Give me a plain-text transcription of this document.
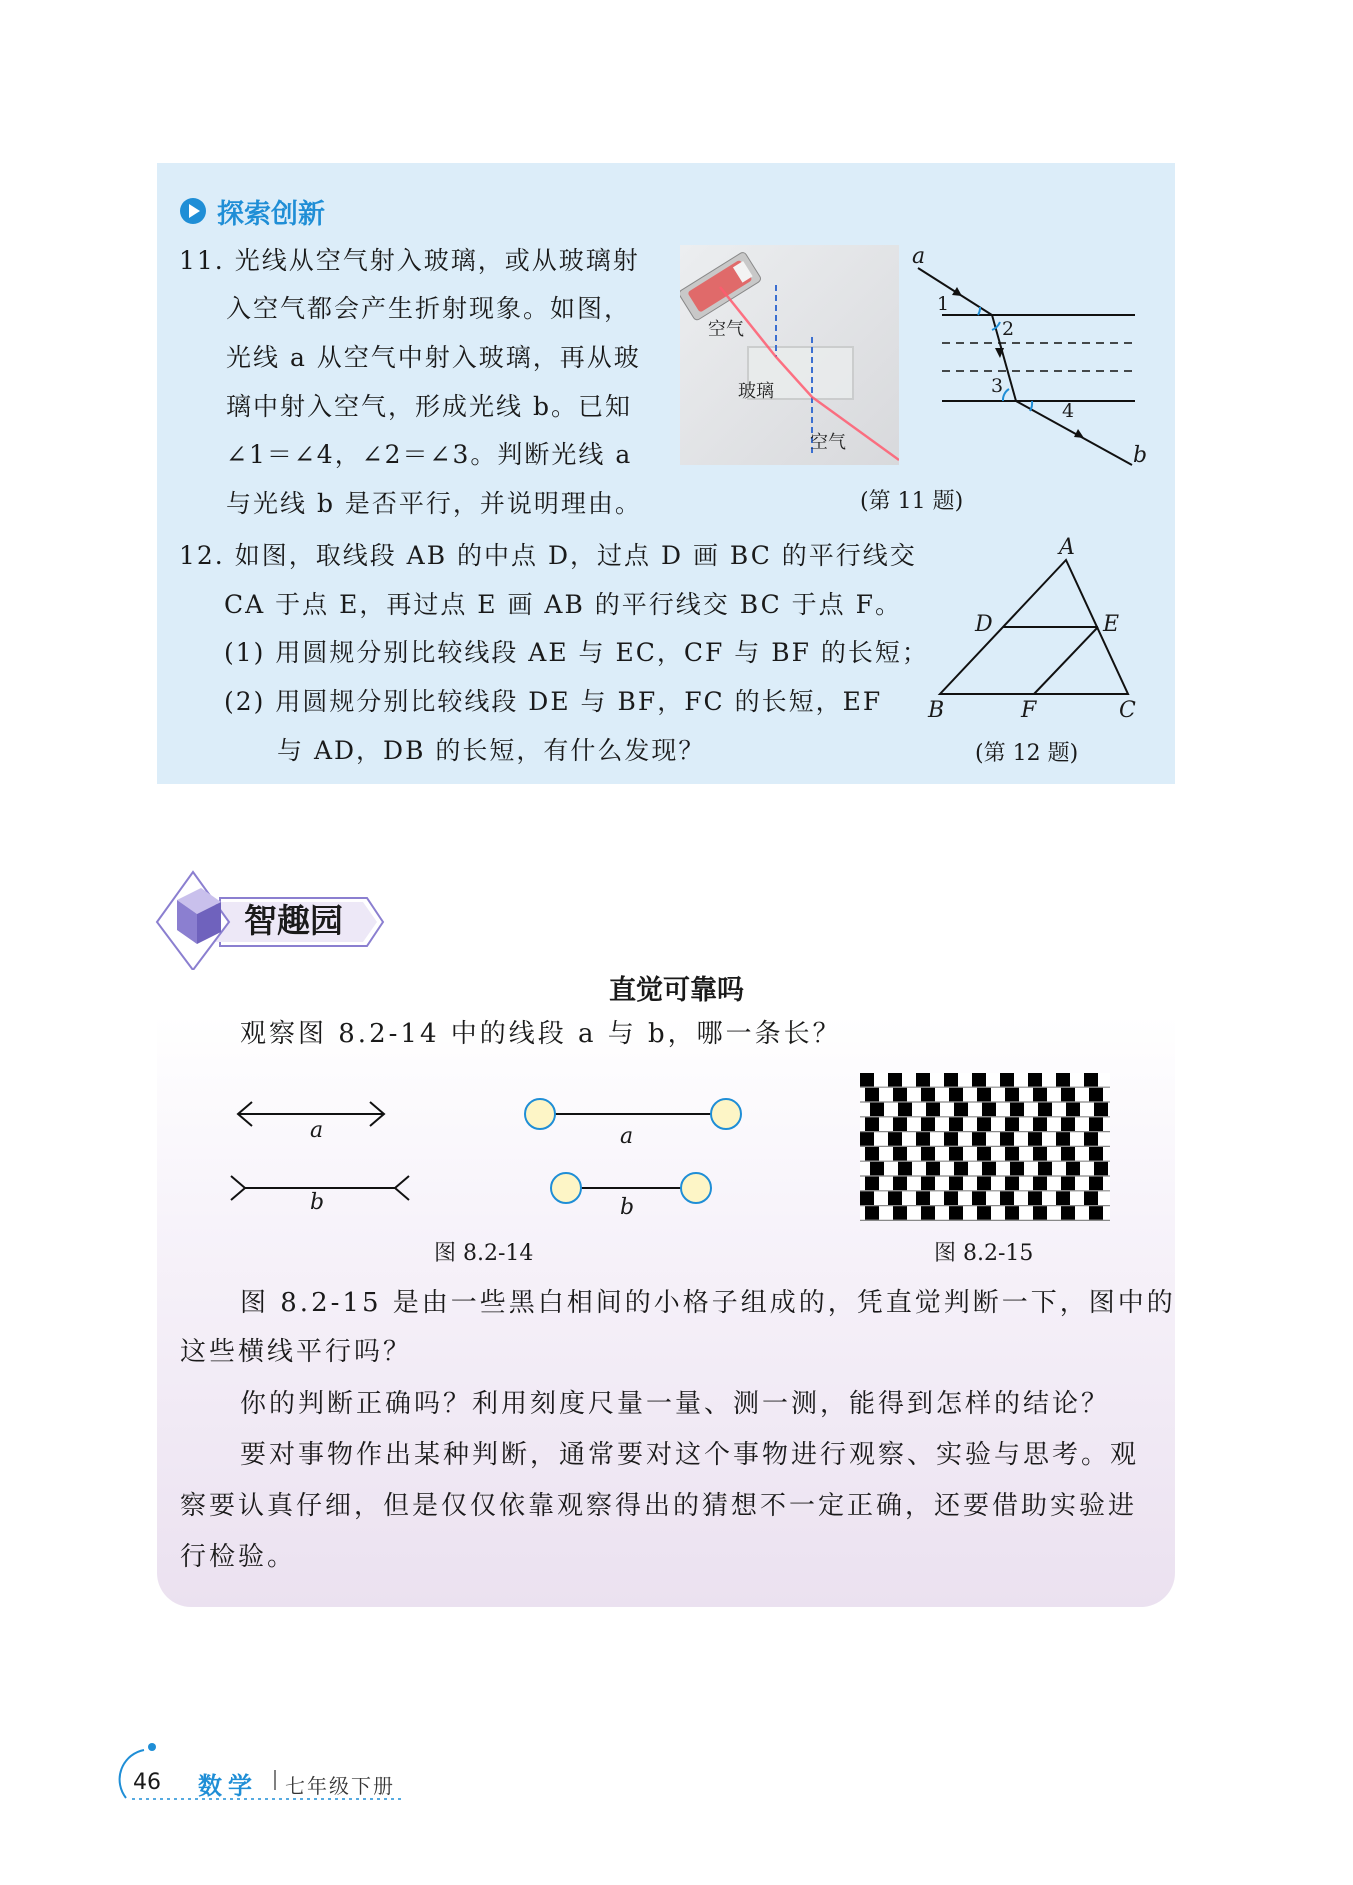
探索创新
11. 光线从空气射入玻璃，或从玻璃射
入空气都会产生折射现象。如图，
光线 a 从空气中射入玻璃，再从玻
璃中射入空气，形成光线 b。已知
∠1＝∠4，∠2＝∠3。判断光线 a
与光线 b 是否平行，并说明理由。
空气
玻璃
空气
a
b
1
2
3
4
(第 11 题)
12. 如图，取线段 AB 的中点 D，过点 D 画 BC 的平行线交
CA 于点 E，再过点 E 画 AB 的平行线交 BC 于点 F。
(1) 用圆规分别比较线段 AE 与 EC，CF 与 BF 的长短；
(2) 用圆规分别比较线段 DE 与 BF，FC 的长短，EF
与 AD，DB 的长短，有什么发现？
A
D	E
B	F	C
(第 12 题)
智趣园
直觉可靠吗
观察图 8.2-14 中的线段 a 与 b，哪一条长？
a
b
a
b
图 8.2-14	图 8.2-15
图 8.2-15 是由一些黑白相间的小格子组成的，凭直觉判断一下，图中的
这些横线平行吗？
你的判断正确吗？利用刻度尺量一量、测一测，能得到怎样的结论？
要对事物作出某种判断，通常要对这个事物进行观察、实验与思考。观
察要认真仔细，但是仅仅依靠观察得出的猜想不一定正确，还要借助实验进
行检验。
46 数学 七年级下册
